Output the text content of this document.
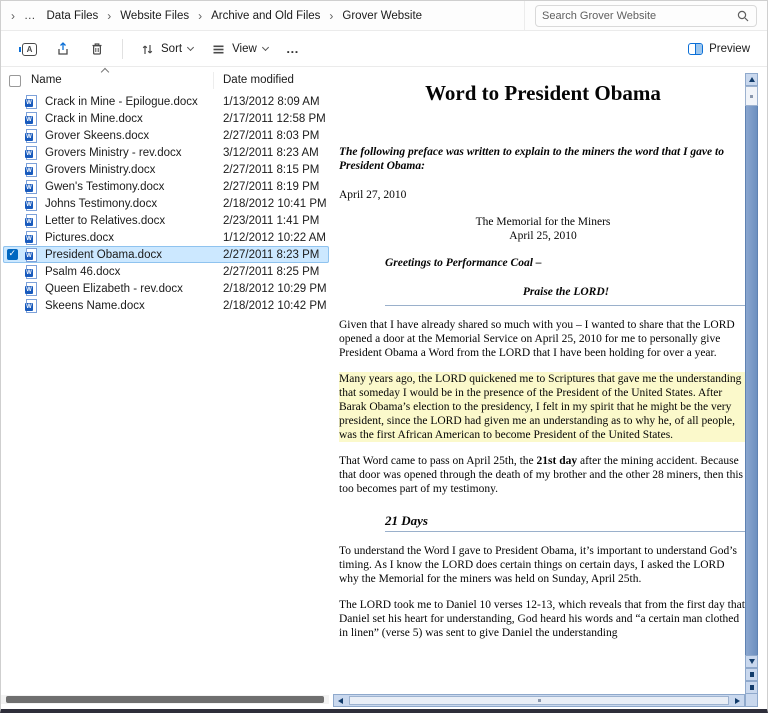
›
… Data Files ›	Website Files ›	Archive and Old Files ›	Grover Website
Search Grover Website
A
Sort	View …	Preview
Name	Date modified
W
Crack in Mine - Epilogue.docx	1/13/2012 8:09 AM
W
Crack in Mine.docx	2/17/2011 12:58 PM
W
Grover Skeens.docx	2/27/2011 8:03 PM
W
Grovers Ministry - rev.docx	3/12/2011 8:23 AM
W
Grovers Ministry.docx	2/27/2011 8:15 PM
W
Gwen's Testimony.docx	2/27/2011 8:19 PM
W
Johns Testimony.docx	2/18/2012 10:41 PM
W
Letter to Relatives.docx	2/23/2011 1:41 PM
W
Pictures.docx	1/12/2012 10:22 AM
✓
W
President Obama.docx	2/27/2011 8:23 PM
W
Psalm 46.docx	2/27/2011 8:25 PM
W
Queen Elizabeth - rev.docx	2/18/2012 10:29 PM
W
Skeens Name.docx	2/18/2012 10:42 PM
Word to President Obama

The following preface was written to explain to the miners the word that I gave to President Obama:

April 27, 2010

The Memorial for the Miners
April 25, 2010

Greetings to Performance Coal –

Praise the LORD!

Given that I have already shared so much with you – I wanted to share that the LORD opened a door at the Memorial Service on April 25, 2010 for me to personally give President Obama a Word from the LORD that I have been holding for over a year.

Many years ago, the LORD quickened me to Scriptures that gave me the understanding that someday I would be in the presence of the President of the United States. After Barak Obama’s election to the presidency, I felt in my spirit that he might be the very president, since the LORD had given me an understanding as to why he, of all people, was the first African American to become President of the United States.

That Word came to pass on April 25th, the 21st day after the mining accident. Because that door was opened through the death of my brother and the other 28 miners, then this too becomes part of my testimony.

21 Days

To understand the Word I gave to President Obama, it’s important to understand God’s timing. As I know the LORD does certain things on certain days, I asked the LORD why the Memorial for the miners was held on Sunday, April 25th.

The LORD took me to Daniel 10 verses 12-13, which reveals that from the first day that Daniel set his heart for understanding, God heard his words and “a certain man clothed in linen” (verse 5) was sent to give Daniel the understanding
